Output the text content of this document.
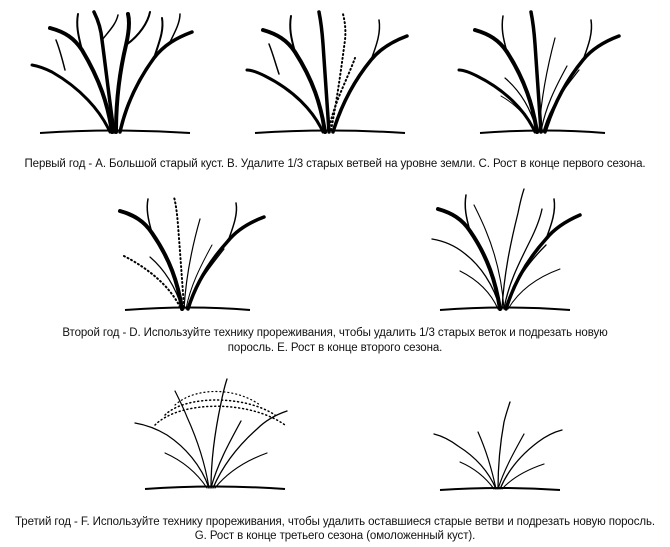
Первый год - A. Большой старый куст. B. Удалите 1/3 старых ветвей на уровне земли. C. Рост в конце первого сезона.
Второй год - D. Используйте технику прореживания, чтобы удалить 1/3 старых веток и подрезать новую
поросль. E. Рост в конце второго сезона.
Третий год - F. Используйте технику прореживания, чтобы удалить оставшиеся старые ветви и подрезать новую поросль.
G. Рост в конце третьего сезона (омоложенный куст).
